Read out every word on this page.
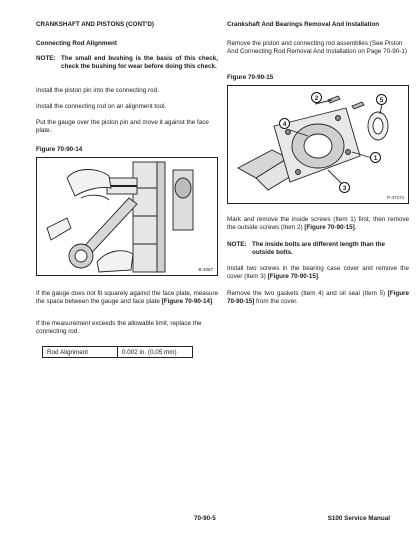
CRANKSHAFT AND PISTONS (CONT'D)

Connecting Rod Alignment

NOTE: The small end bushing is the basis of this check, check the bushing for wear before doing this check.

Install the piston pin into the connecting rod.

Install the connecting rod on an alignment tool.

Put the gauge over the piston pin and move it against the face plate.

Figure 70-90-14

B-4067

If the gauge does not fit squarely against the face plate, measure the space between the gauge and face plate [Figure 70-90-14].

If the measurement exceeds the allowable limit, replace the connecting rod.

Rod Alignment	0.002 in. (0,05 mm)

Crankshaft And Bearings Removal And Installation

Remove the piston and connecting rod assemblies (See Piston And Connecting Rod Removal And Installation on Page 70-90-1)

Figure 70-90-15

2	5
4
1
3
P-47274

Mark and remove the inside screws (Item 1) first, then remove the outside screws (Item 2) [Figure 70-90-15].

NOTE: The inside bolts are different length than the outside bolts.

Install two screws in the bearing case cover and remove the cover (Item 3) [Figure 70-90-15].

Remove the two gaskets (Item 4) and oil seal (Item 5) [Figure 70-90-15] from the cover.

70-90-5	S100 Service Manual
